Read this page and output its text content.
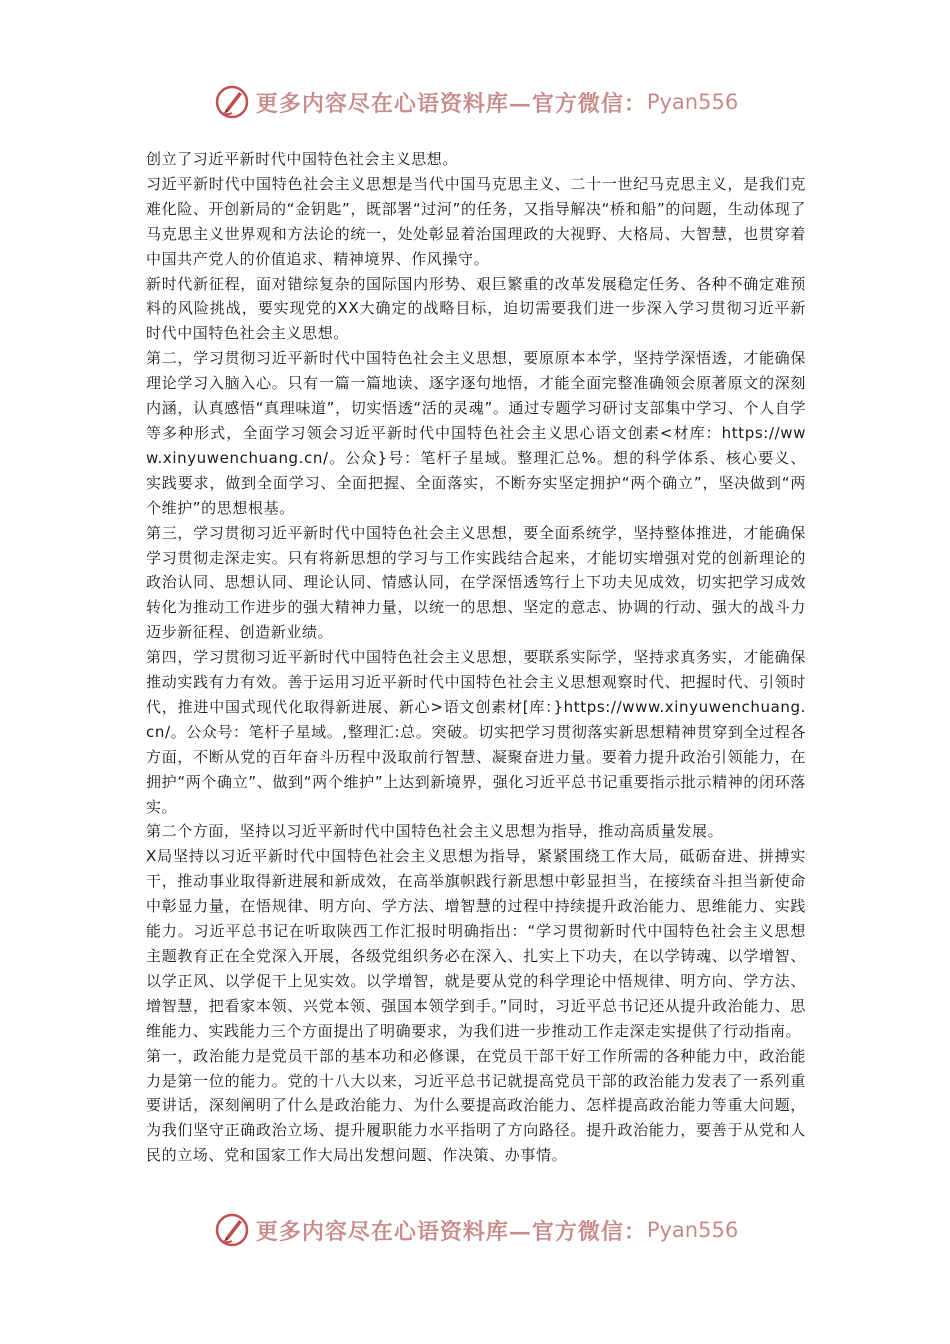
更多内容尽在心语资料库—官方微信： Pyan556

创立了习近平新时代中国特色社会主义思想。

习近平新时代中国特色社会主义思想是当代中国马克思主义、二十一世纪马克思主义，是我们克难化险、开创新局的“金钥匙”，既部署“过河”的任务，又指导解决“桥和船”的问题，生动体现了马克思主义世界观和方法论的统一，处处彰显着治国理政的大视野、大格局、大智慧，也贯穿着中国共产党人的价值追求、精神境界、作风操守。

新时代新征程，面对错综复杂的国际国内形势、艰巨繁重的改革发展稳定任务、各种不确定难预料的风险挑战，要实现党的XX大确定的战略目标，迫切需要我们进一步深入学习贯彻习近平新时代中国特色社会主义思想。

第二，学习贯彻习近平新时代中国特色社会主义思想，要原原本本学，坚持学深悟透，才能确保理论学习入脑入心。只有一篇一篇地读、逐字逐句地悟，才能全面完整准确领会原著原文的深刻内涵，认真感悟“真理味道”，切实悟透“活的灵魂”。通过专题学习研讨支部集中学习、个人自学等多种形式，全面学习领会习近平新时代中国特色社会主义思心语文创素<材库：https://www.xinyuwenchuang.cn/。公众}号：笔杆子星域。整理汇总%。想的科学体系、核心要义、实践要求，做到全面学习、全面把握、全面落实，不断夯实坚定拥护“两个确立”，坚决做到“两个维护”的思想根基。

第三，学习贯彻习近平新时代中国特色社会主义思想，要全面系统学，坚持整体推进，才能确保学习贯彻走深走实。只有将新思想的学习与工作实践结合起来，才能切实增强对党的创新理论的政治认同、思想认同、理论认同、情感认同，在学深悟透笃行上下功夫见成效，切实把学习成效转化为推动工作进步的强大精神力量，以统一的思想、坚定的意志、协调的行动、强大的战斗力迈步新征程、创造新业绩。

第四，学习贯彻习近平新时代中国特色社会主义思想，要联系实际学，坚持求真务实，才能确保推动实践有力有效。善于运用习近平新时代中国特色社会主义思想观察时代、把握时代、引领时代，推进中国式现代化取得新进展、新心>语文创素材[库：}https://www.xinyuwenchuang.cn/。公众号：笔杆子星域。,整理汇:总。突破。切实把学习贯彻落实新思想精神贯穿到全过程各方面，不断从党的百年奋斗历程中汲取前行智慧、凝聚奋进力量。要着力提升政治引领能力，在拥护“两个确立”、做到“两个维护”上达到新境界，强化习近平总书记重要指示批示精神的闭环落实。

第二个方面，坚持以习近平新时代中国特色社会主义思想为指导，推动高质量发展。

X局坚持以习近平新时代中国特色社会主义思想为指导，紧紧围绕工作大局，砥砺奋进、拼搏实干，推动事业取得新进展和新成效，在高举旗帜践行新思想中彰显担当，在接续奋斗担当新使命中彰显力量，在悟规律、明方向、学方法、增智慧的过程中持续提升政治能力、思维能力、实践能力。习近平总书记在听取陕西工作汇报时明确指出：“学习贯彻新时代中国特色社会主义思想主题教育正在全党深入开展，各级党组织务必在深入、扎实上下功夫，在以学铸魂、以学增智、以学正风、以学促干上见实效。以学增智，就是要从党的科学理论中悟规律、明方向、学方法、增智慧，把看家本领、兴党本领、强国本领学到手。”同时，习近平总书记还从提升政治能力、思维能力、实践能力三个方面提出了明确要求，为我们进一步推动工作走深走实提供了行动指南。

第一，政治能力是党员干部的基本功和必修课，在党员干部干好工作所需的各种能力中，政治能力是第一位的能力。党的十八大以来，习近平总书记就提高党员干部的政治能力发表了一系列重要讲话，深刻阐明了什么是政治能力、为什么要提高政治能力、怎样提高政治能力等重大问题，为我们坚守正确政治立场、提升履职能力水平指明了方向路径。提升政治能力，要善于从党和人民的立场、党和国家工作大局出发想问题、作决策、办事情。

更多内容尽在心语资料库—官方微信： Pyan556
